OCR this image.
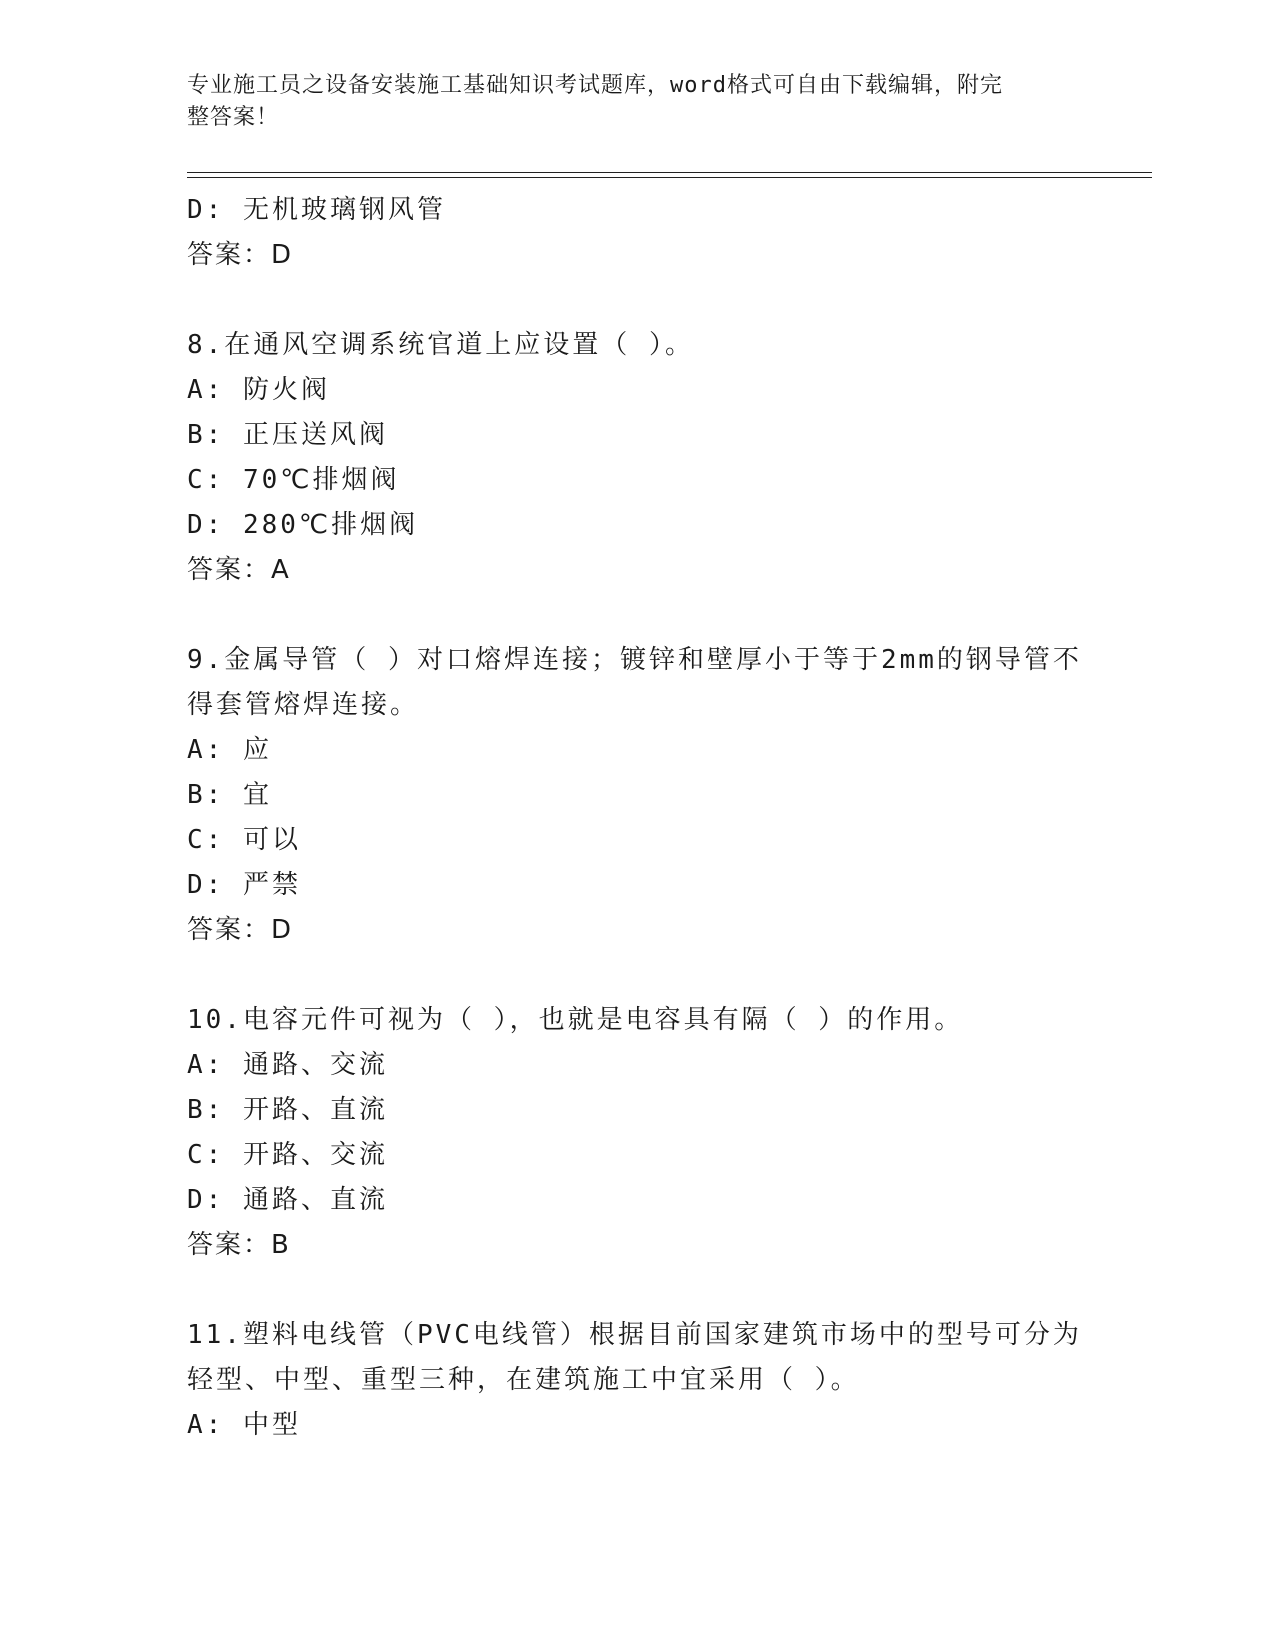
专业施工员之设备安装施工基础知识考试题库，word格式可自由下载编辑，附完
整答案！
D: 无机玻璃钢风管
答案：D
8.在通风空调系统官道上应设置（ ）。
A: 防火阀
B: 正压送风阀
C: 70℃排烟阀
D: 280℃排烟阀
答案：A
9.金属导管（ ）对口熔焊连接；镀锌和壁厚小于等于2mm的钢导管不
得套管熔焊连接。
A: 应
B: 宜
C: 可以
D: 严禁
答案：D
10.电容元件可视为（ ），也就是电容具有隔（ ）的作用。
A: 通路、交流
B: 开路、直流
C: 开路、交流
D: 通路、直流
答案：B
11.塑料电线管（PVC电线管）根据目前国家建筑市场中的型号可分为
轻型、中型、重型三种，在建筑施工中宜采用（ ）。
A: 中型
